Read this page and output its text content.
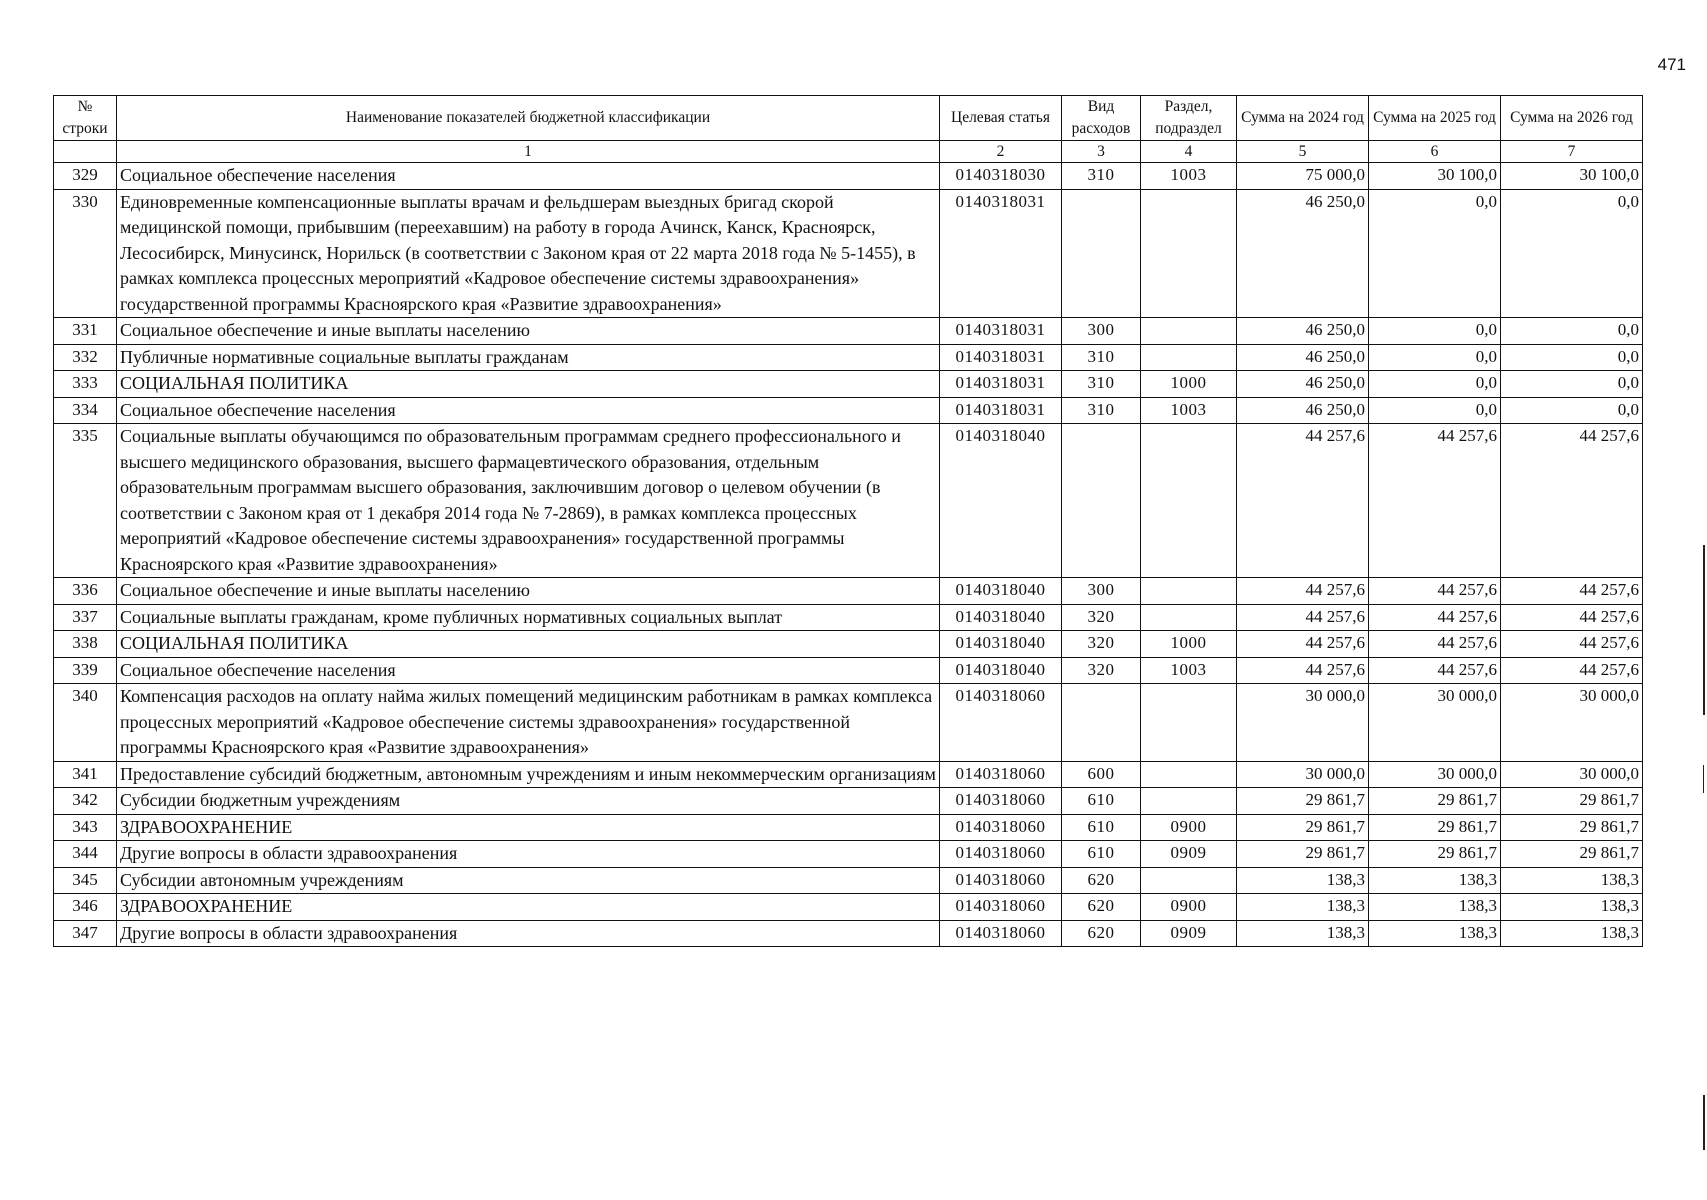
471
№ строки	Наименование показателей бюджетной классификации	Целевая статья	Вид расходов	Раздел, подраздел	Сумма на 2024 год	Сумма на 2025 год	Сумма на 2026 год
	1	2	3	4	5	6	7
329	Социальное обеспечение населения	0140318030	310	1003	75 000,0	30 100,0	30 100,0
330	Единовременные компенсационные выплаты врачам и фельдшерам выездных бригад скорой медицинской помощи, прибывшим (переехавшим) на работу в города Ачинск, Канск, Красноярск, Лесосибирск, Минусинск, Норильск (в соответствии с Законом края от 22 марта 2018 года № 5-1455), в рамках комплекса процессных мероприятий «Кадровое обеспечение системы здравоохранения» государственной программы Красноярского края «Развитие здравоохранения»	0140318031			46 250,0	0,0	0,0
331	Социальное обеспечение и иные выплаты населению	0140318031	300		46 250,0	0,0	0,0
332	Публичные нормативные социальные выплаты гражданам	0140318031	310		46 250,0	0,0	0,0
333	СОЦИАЛЬНАЯ ПОЛИТИКА	0140318031	310	1000	46 250,0	0,0	0,0
334	Социальное обеспечение населения	0140318031	310	1003	46 250,0	0,0	0,0
335	Социальные выплаты обучающимся по образовательным программам среднего профессионального и высшего медицинского образования, высшего фармацевтического образования, отдельным образовательным программам высшего образования, заключившим договор о целевом обучении (в соответствии с Законом края от 1 декабря 2014 года № 7-2869), в рамках комплекса процессных мероприятий «Кадровое обеспечение системы здравоохранения» государственной программы Красноярского края «Развитие здравоохранения»	0140318040			44 257,6	44 257,6	44 257,6
336	Социальное обеспечение и иные выплаты населению	0140318040	300		44 257,6	44 257,6	44 257,6
337	Социальные выплаты гражданам, кроме публичных нормативных социальных выплат	0140318040	320		44 257,6	44 257,6	44 257,6
338	СОЦИАЛЬНАЯ ПОЛИТИКА	0140318040	320	1000	44 257,6	44 257,6	44 257,6
339	Социальное обеспечение населения	0140318040	320	1003	44 257,6	44 257,6	44 257,6
340	Компенсация расходов на оплату найма жилых помещений медицинским работникам в рамках комплекса процессных мероприятий «Кадровое обеспечение системы здравоохранения» государственной программы Красноярского края «Развитие здравоохранения»	0140318060			30 000,0	30 000,0	30 000,0
341	Предоставление субсидий бюджетным, автономным учреждениям и иным некоммерческим организациям	0140318060	600		30 000,0	30 000,0	30 000,0
342	Субсидии бюджетным учреждениям	0140318060	610		29 861,7	29 861,7	29 861,7
343	ЗДРАВООХРАНЕНИЕ	0140318060	610	0900	29 861,7	29 861,7	29 861,7
344	Другие вопросы в области здравоохранения	0140318060	610	0909	29 861,7	29 861,7	29 861,7
345	Субсидии автономным учреждениям	0140318060	620		138,3	138,3	138,3
346	ЗДРАВООХРАНЕНИЕ	0140318060	620	0900	138,3	138,3	138,3
347	Другие вопросы в области здравоохранения	0140318060	620	0909	138,3	138,3	138,3
